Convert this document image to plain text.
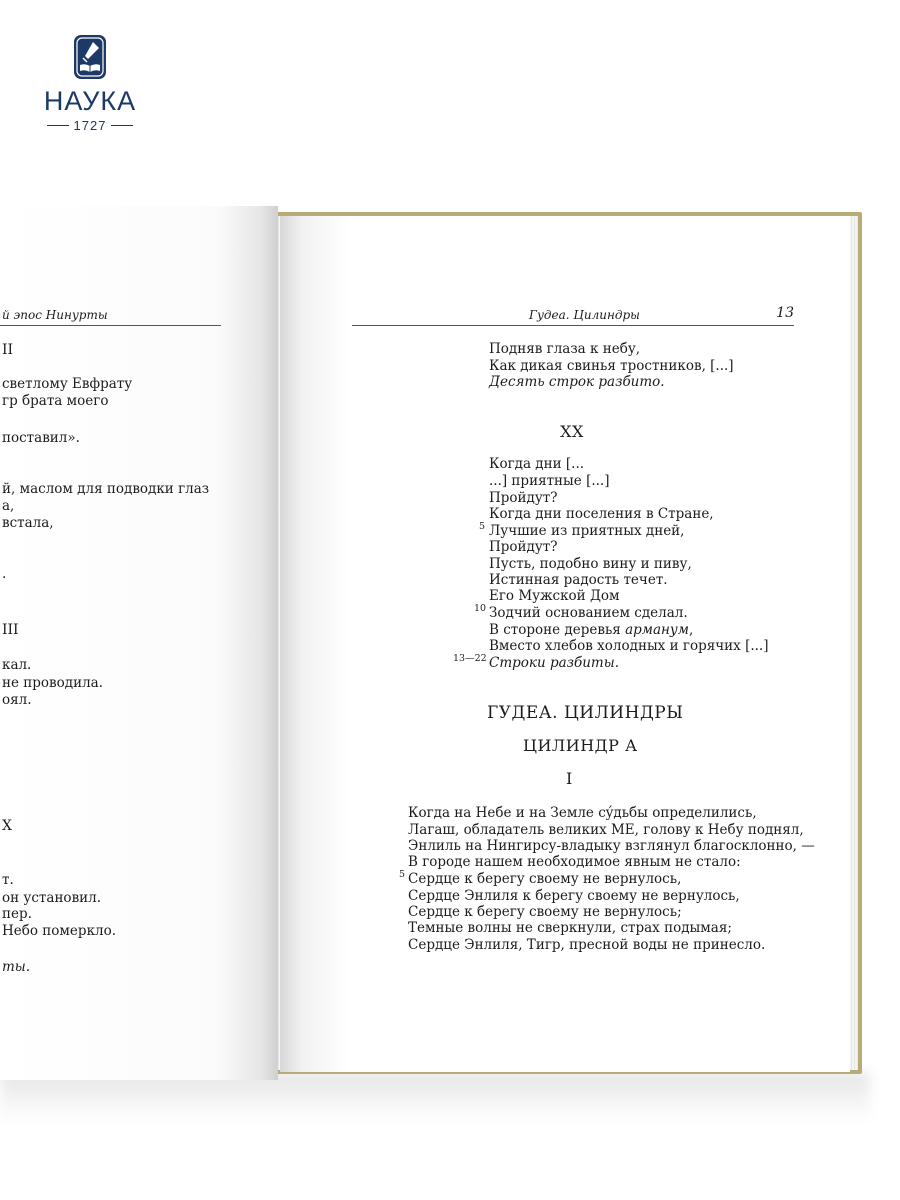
НАУКА
1727
й эпос Нинурты
II
светлому Евфрату
гр брата моего
поставил».
й, маслом для подводки глаз
а,
встала,
.
III
кал.
не проводила.
оял.
X
т.
он установил.
пер.
Небо померкло.
ты.
Гудеа. Цилиндры	13
Подняв глаза к небу,
Как дикая свинья тростников, [...]
Десять строк разбито.
XX
Когда дни [...
...] приятные [...]
Пройдут?
Когда дни поселения в Стране,
5 Лучшие из приятных дней,
Пройдут?
Пусть, подобно вину и пиву,
Истинная радость течет.
Его Мужской Дом
10 Зодчий основанием сделал.
В стороне деревья арманум,
Вместо хлебов холодных и горячих [...]
13—22 Строки разбиты.
ГУДЕА. ЦИЛИНДРЫ
ЦИЛИНДР А
I
Когда на Небе и на Земле сýдьбы определились,
Лагаш, обладатель великих МЕ, голову к Небу поднял,
Энлиль на Нингирсу-владыку взглянул благосклонно, —
В городе нашем необходимое явным не стало:
5 Сердце к берегу своему не вернулось,
Сердце Энлиля к берегу своему не вернулось,
Сердце к берегу своему не вернулось;
Темные волны не сверкнули, страх подымая;
Сердце Энлиля, Тигр, пресной воды не принесло.
